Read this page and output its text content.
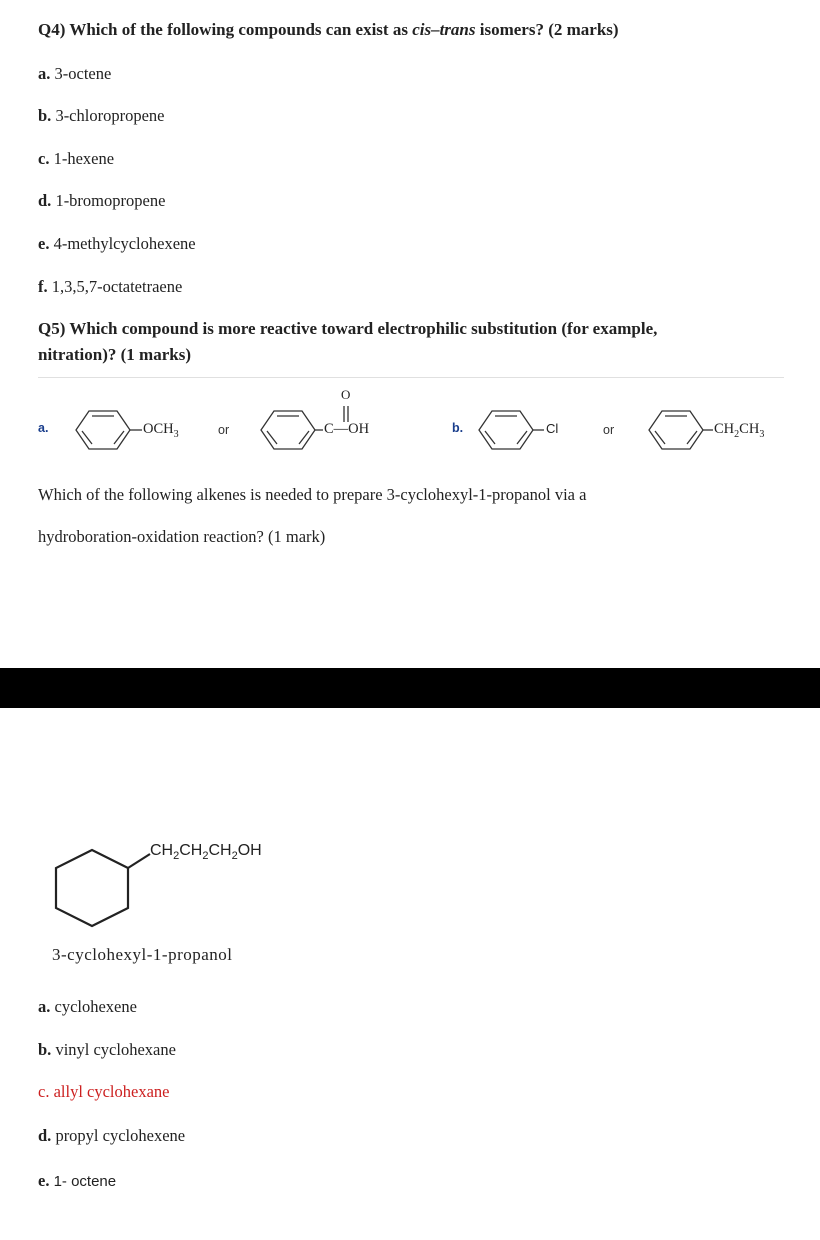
Q4) Which of the following compounds can exist as cis–trans isomers? (2 marks)
a. 3-octene
b. 3-chloropropene
c. 1-hexene
d. 1-bromopropene
e. 4-methylcyclohexene
f. 1,3,5,7-octatetraene
Q5) Which compound is more reactive toward electrophilic substitution (for example,
nitration)? (1 marks)
a.	$OCH_3$	or
O
C—OH	b.	Cl	or	$CH_2CH_3$
Which of the following alkenes is needed to prepare 3-cyclohexyl-1-propanol via a
hydroboration-oxidation reaction? (1 mark)
$CH_2CH_2CH_2OH$
3-cyclohexyl-1-propanol
a. cyclohexene
b. vinyl cyclohexane
c. allyl cyclohexane
d. propyl cyclohexene
e. 1- octene
